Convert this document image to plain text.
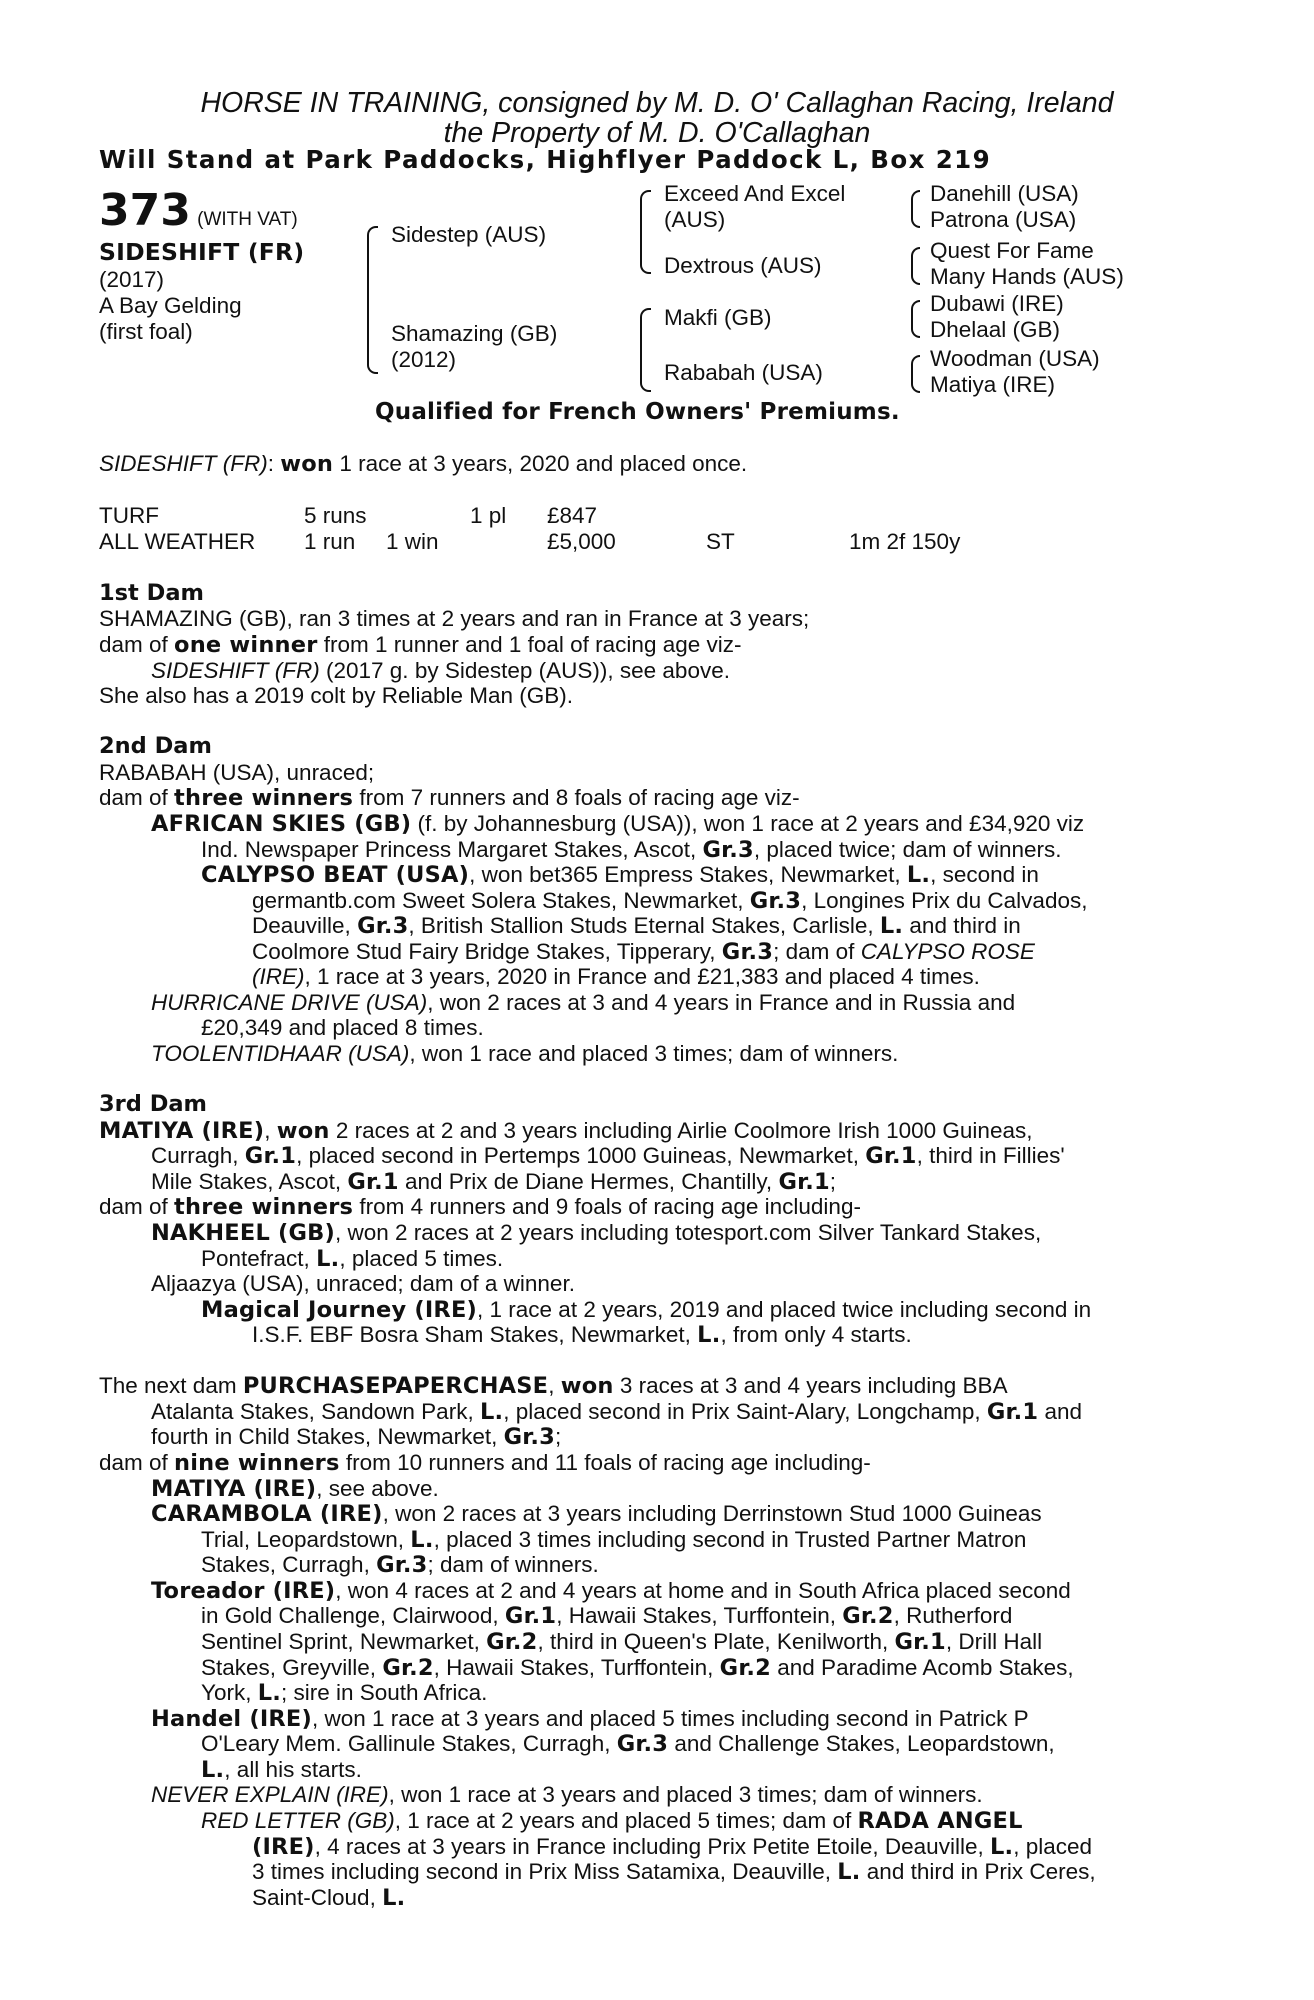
HORSE IN TRAINING, consigned by M. D. O' Callaghan Racing, Ireland
the Property of M. D. O'Callaghan
Will Stand at Park Paddocks, Highflyer Paddock L, Box 219
373 (WITH VAT)
SIDESHIFT (FR)
(2017)
A Bay Gelding
(first foal)
Sidestep (AUS)
Shamazing (GB)
(2012)
Exceed And Excel
(AUS)
Dextrous (AUS)
Makfi (GB)
Rababah (USA)
Danehill (USA)
Patrona (USA)
Quest For Fame
Many Hands (AUS)
Dubawi (IRE)
Dhelaal (GB)
Woodman (USA)
Matiya (IRE)
Qualified for French Owners' Premiums.
SIDESHIFT (FR): won 1 race at 3 years, 2020 and placed once.
TURF	5 runs	1 pl £847
ALL WEATHER 1 run 1 win	£5,000	ST	1m 2f 150y
1st Dam
SHAMAZING (GB), ran 3 times at 2 years and ran in France at 3 years;
dam of one winner from 1 runner and 1 foal of racing age viz-
SIDESHIFT (FR) (2017 g. by Sidestep (AUS)), see above.
She also has a 2019 colt by Reliable Man (GB).
2nd Dam
RABABAH (USA), unraced;
dam of three winners from 7 runners and 8 foals of racing age viz-
AFRICAN SKIES (GB) (f. by Johannesburg (USA)), won 1 race at 2 years and £34,920 viz
Ind. Newspaper Princess Margaret Stakes, Ascot, Gr.3, placed twice; dam of winners.
CALYPSO BEAT (USA), won bet365 Empress Stakes, Newmarket, L., second in
germantb.com Sweet Solera Stakes, Newmarket, Gr.3, Longines Prix du Calvados,
Deauville, Gr.3, British Stallion Studs Eternal Stakes, Carlisle, L. and third in
Coolmore Stud Fairy Bridge Stakes, Tipperary, Gr.3; dam of CALYPSO ROSE
(IRE), 1 race at 3 years, 2020 in France and £21,383 and placed 4 times.
HURRICANE DRIVE (USA), won 2 races at 3 and 4 years in France and in Russia and
£20,349 and placed 8 times.
TOOLENTIDHAAR (USA), won 1 race and placed 3 times; dam of winners.
3rd Dam
MATIYA (IRE), won 2 races at 2 and 3 years including Airlie Coolmore Irish 1000 Guineas,
Curragh, Gr.1, placed second in Pertemps 1000 Guineas, Newmarket, Gr.1, third in Fillies'
Mile Stakes, Ascot, Gr.1 and Prix de Diane Hermes, Chantilly, Gr.1;
dam of three winners from 4 runners and 9 foals of racing age including-
NAKHEEL (GB), won 2 races at 2 years including totesport.com Silver Tankard Stakes,
Pontefract, L., placed 5 times.
Aljaazya (USA), unraced; dam of a winner.
Magical Journey (IRE), 1 race at 2 years, 2019 and placed twice including second in
I.S.F. EBF Bosra Sham Stakes, Newmarket, L., from only 4 starts.
The next dam PURCHASEPAPERCHASE, won 3 races at 3 and 4 years including BBA
Atalanta Stakes, Sandown Park, L., placed second in Prix Saint-Alary, Longchamp, Gr.1 and
fourth in Child Stakes, Newmarket, Gr.3;
dam of nine winners from 10 runners and 11 foals of racing age including-
MATIYA (IRE), see above.
CARAMBOLA (IRE), won 2 races at 3 years including Derrinstown Stud 1000 Guineas
Trial, Leopardstown, L., placed 3 times including second in Trusted Partner Matron
Stakes, Curragh, Gr.3; dam of winners.
Toreador (IRE), won 4 races at 2 and 4 years at home and in South Africa placed second
in Gold Challenge, Clairwood, Gr.1, Hawaii Stakes, Turffontein, Gr.2, Rutherford
Sentinel Sprint, Newmarket, Gr.2, third in Queen's Plate, Kenilworth, Gr.1, Drill Hall
Stakes, Greyville, Gr.2, Hawaii Stakes, Turffontein, Gr.2 and Paradime Acomb Stakes,
York, L.; sire in South Africa.
Handel (IRE), won 1 race at 3 years and placed 5 times including second in Patrick P
O'Leary Mem. Gallinule Stakes, Curragh, Gr.3 and Challenge Stakes, Leopardstown,
L., all his starts.
NEVER EXPLAIN (IRE), won 1 race at 3 years and placed 3 times; dam of winners.
RED LETTER (GB), 1 race at 2 years and placed 5 times; dam of RADA ANGEL
(IRE), 4 races at 3 years in France including Prix Petite Etoile, Deauville, L., placed
3 times including second in Prix Miss Satamixa, Deauville, L. and third in Prix Ceres,
Saint-Cloud, L.
